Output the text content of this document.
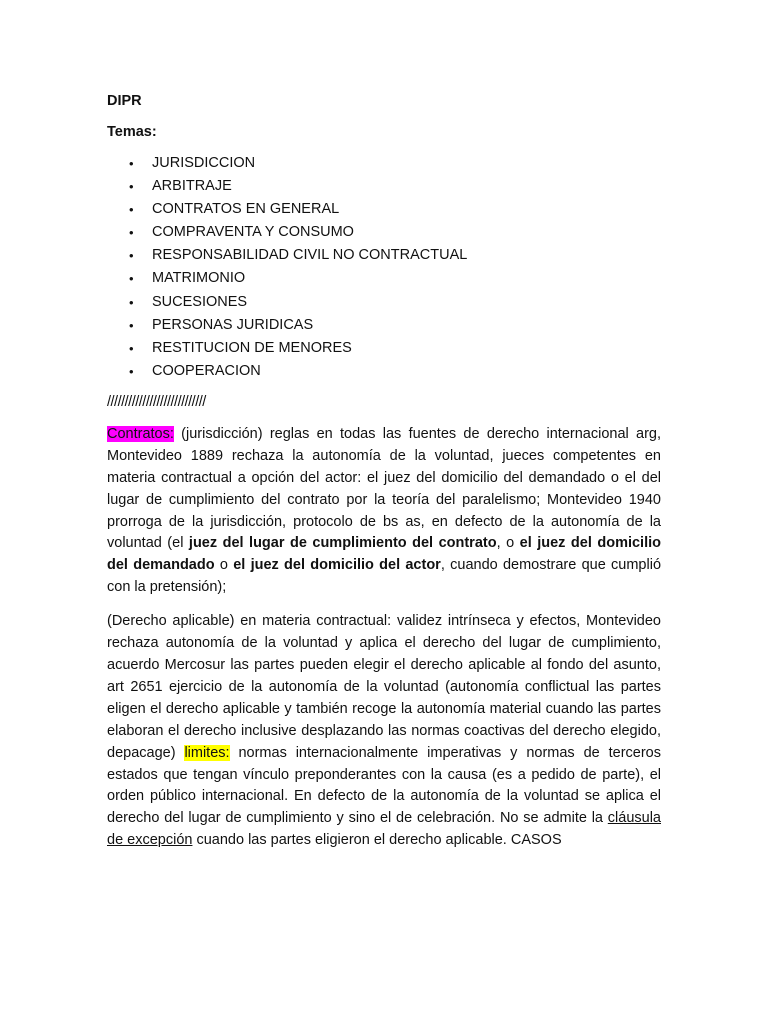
DIPR
Temas:
• JURISDICCION
• ARBITRAJE
• CONTRATOS EN GENERAL
• COMPRAVENTA Y CONSUMO
• RESPONSABILIDAD CIVIL NO CONTRACTUAL
• MATRIMONIO
• SUCESIONES
• PERSONAS JURIDICAS
• RESTITUCION DE MENORES
• COOPERACION
////////////////////////////

Contratos: (jurisdicción) reglas en todas las fuentes de derecho internacional arg, Montevideo 1889 rechaza la autonomía de la voluntad, jueces competentes en materia contractual a opción del actor: el juez del domicilio del demandado o el del lugar de cumplimiento del contrato por la teoría del paralelismo; Montevideo 1940 prorroga de la jurisdicción, protocolo de bs as, en defecto de la autonomía de la voluntad (el juez del lugar de cumplimiento del contrato, o el juez del domicilio del demandado o el juez del domicilio del actor, cuando demostrare que cumplió con la pretensión);

(Derecho aplicable) en materia contractual: validez intrínseca y efectos, Montevideo rechaza autonomía de la voluntad y aplica el derecho del lugar de cumplimiento, acuerdo Mercosur las partes pueden elegir el derecho aplicable al fondo del asunto, art 2651 ejercicio de la autonomía de la voluntad (autonomía conflictual las partes eligen el derecho aplicable y también recoge la autonomía material cuando las partes elaboran el derecho inclusive desplazando las normas coactivas del derecho elegido, depacage) limites: normas internacionalmente imperativas y normas de terceros estados que tengan vínculo preponderantes con la causa (es a pedido de parte), el orden público internacional. En defecto de la autonomía de la voluntad se aplica el derecho del lugar de cumplimiento y sino el de celebración. No se admite la cláusula de excepción cuando las partes eligieron el derecho aplicable. CASOS
